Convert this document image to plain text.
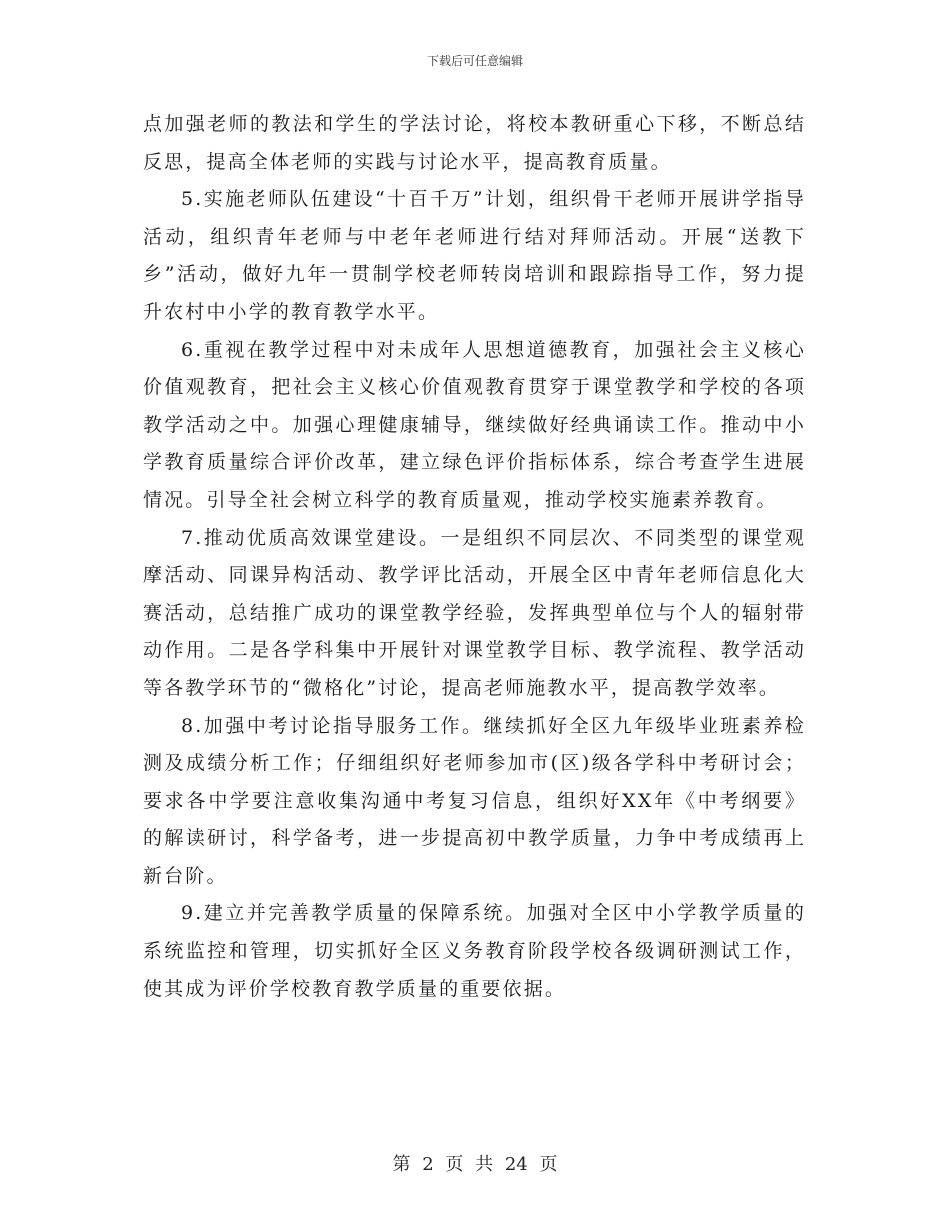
下载后可任意编辑

点加强老师的教法和学生的学法讨论，将校本教研重心下移，不断总结反思，提高全体老师的实践与讨论水平，提高教育质量。

5.实施老师队伍建设“十百千万”计划，组织骨干老师开展讲学指导活动，组织青年老师与中老年老师进行结对拜师活动。开展“送教下乡”活动，做好九年一贯制学校老师转岗培训和跟踪指导工作，努力提升农村中小学的教育教学水平。

6.重视在教学过程中对未成年人思想道德教育，加强社会主义核心价值观教育，把社会主义核心价值观教育贯穿于课堂教学和学校的各项教学活动之中。加强心理健康辅导，继续做好经典诵读工作。推动中小学教育质量综合评价改革，建立绿色评价指标体系，综合考查学生进展情况。引导全社会树立科学的教育质量观，推动学校实施素养教育。

7.推动优质高效课堂建设。一是组织不同层次、不同类型的课堂观摩活动、同课异构活动、教学评比活动，开展全区中青年老师信息化大赛活动，总结推广成功的课堂教学经验，发挥典型单位与个人的辐射带动作用。二是各学科集中开展针对课堂教学目标、教学流程、教学活动等各教学环节的“微格化”讨论，提高老师施教水平，提高教学效率。

8.加强中考讨论指导服务工作。继续抓好全区九年级毕业班素养检测及成绩分析工作；仔细组织好老师参加市(区)级各学科中考研讨会；要求各中学要注意收集沟通中考复习信息，组织好XX年《中考纲要》的解读研讨，科学备考，进一步提高初中教学质量，力争中考成绩再上新台阶。

9.建立并完善教学质量的保障系统。加强对全区中小学教学质量的系统监控和管理，切实抓好全区义务教育阶段学校各级调研测试工作，使其成为评价学校教育教学质量的重要依据。

第 2 页 共 24 页
